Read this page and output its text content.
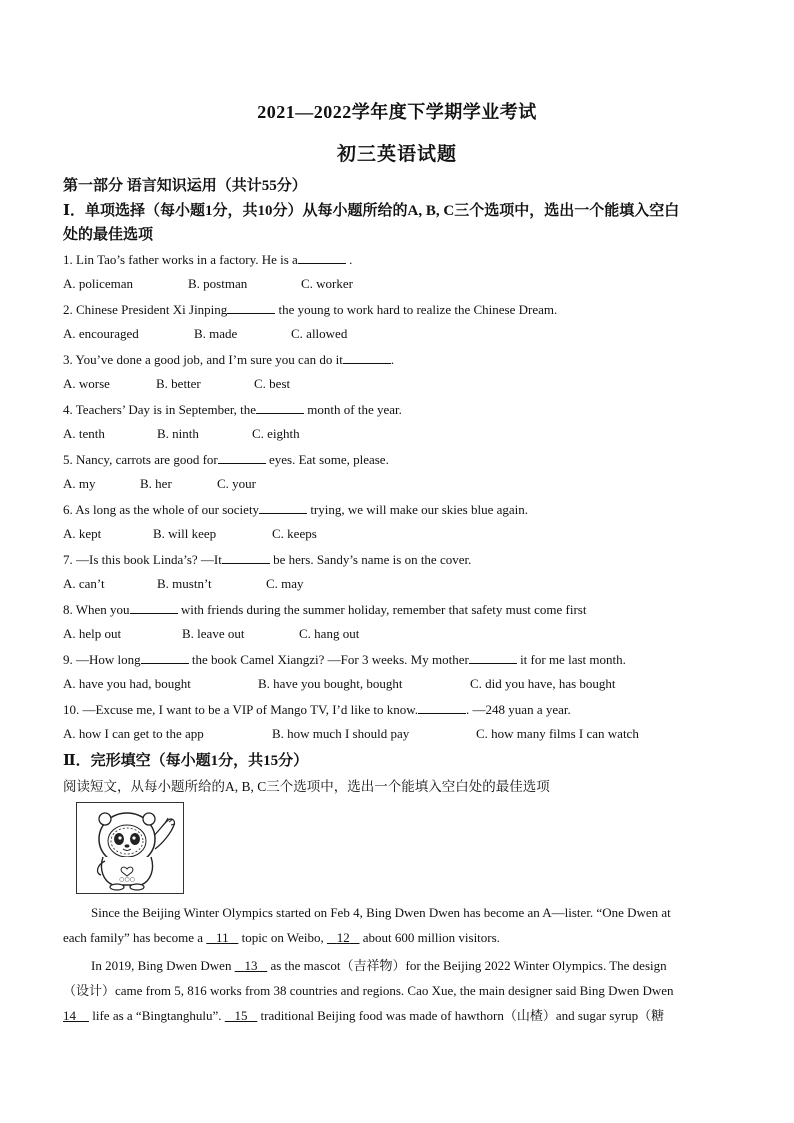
2021—2022学年度下学期学业考试
初三英语试题
第一部分 语言知识运用（共计55分）
Ⅰ．单项选择（每小题1分，共10分）从每小题所给的A, B, C三个选项中，选出一个能填入空白
处的最佳选项
1. Lin Tao’s father works in a factory. He is a	.
A. policeman	B. postman	C. worker
2. Chinese President Xi Jinping	the young to work hard to realize the Chinese Dream.
A. encouraged	B. made	C. allowed
3. You’ve done a good job, and I’m sure you can do it	.
A. worse	B. better	C. best
4. Teachers’ Day is in September, the	month of the year.
A. tenth	B. ninth	C. eighth
5. Nancy, carrots are good for	eyes. Eat some, please.
A. my	B. her	C. your
6. As long as the whole of our society	trying, we will make our skies blue again.
A. kept	B. will keep	C. keeps
7. —Is this book Linda’s? —It	be hers. Sandy’s name is on the cover.
A. can’t	B. mustn’t	C. may
8. When you	with friends during the summer holiday, remember that safety must come first
A. help out	B. leave out	C. hang out
9. —How long	the book Camel Xiangzi? —For 3 weeks. My mother	it for me last month.
A. have you had, bought	B. have you bought, bought	C. did you have, has bought
10. —Excuse me, I want to be a VIP of Mango TV, I’d like to know.	. —248 yuan a year.
A. how I can get to the app	B. how much I should pay	C. how many films I can watch
Ⅱ．完形填空（每小题1分，共15分）
阅读短文，从每小题所给的A, B, C三个选项中，选出一个能填入空白处的最佳选项
○○○
Since the Beijing Winter Olympics started on Feb 4, Bing Dwen Dwen has become an A—lister. “One Dwen at
each family” has become a 11    topic on Weibo, 12    about 600 million visitors.
In 2019, Bing Dwen Dwen 13    as the mascot（吉祥物）for the Beijing 2022 Winter Olympics. The design
（设计）came from 5, 816 works from 38 countries and regions. Cao Xue, the main designer said Bing Dwen Dwen
14     life as a “Bingtanghulu”. 15    traditional Beijing food was made of hawthorn（山楂）and sugar syrup（糖
